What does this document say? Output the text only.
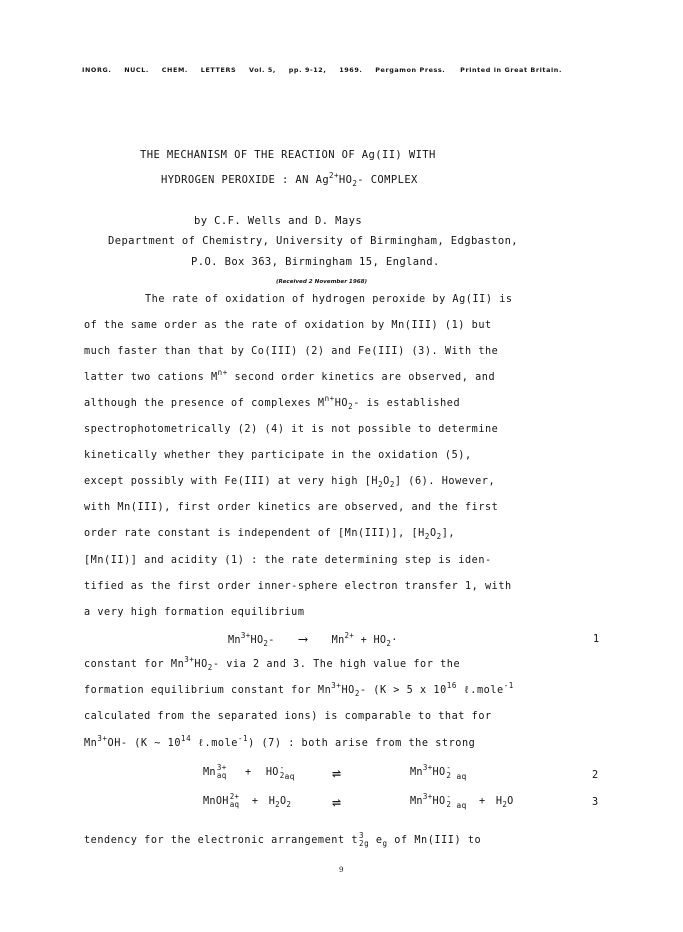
INORG. NUCL. CHEM. LETTERS Vol. 5, pp. 9-12, 1969. Pergamon Press. Printed in Great Britain.
THE MECHANISM OF THE REACTION OF Ag(II) WITH
HYDROGEN PEROXIDE : AN $Ag^{2+}HO_2-$ COMPLEX
by C.F. Wells and D. Mays
Department of Chemistry, University of Birmingham, Edgbaston,
P.O. Box 363, Birmingham 15, England.
(Received 2 November 1968)
The rate of oxidation of hydrogen peroxide by Ag(II) is
of the same order as the rate of oxidation by Mn(III) (1) but
much faster than that by Co(III) (2) and Fe(III) (3). With the
latter two cations $M^{n+}$ second order kinetics are observed, and
although the presence of complexes $M^{n+}HO_2-$ is established
spectrophotometrically (2) (4) it is not possible to determine
kinetically whether they participate in the oxidation (5),
except possibly with Fe(III) at very high $[H_2O_2]$ (6). However,
with Mn(III), first order kinetics are observed, and the first
order rate constant is independent of [Mn(III)], $[H_2O_2]$,
[Mn(II)] and acidity (1) : the rate determining step is iden-
tified as the first order inner-sphere electron transfer 1, with
a very high formation equilibrium
$Mn^{3+}HO_2-$ ⟶ $Mn^{2+} + HO_2\cdot$	1
constant for $Mn^{3+}HO_2-$ via 2 and 3. The high value for the
formation equilibrium constant for $Mn^{3+}HO_2-$ (K > 5 x $10^{16}$ ℓ.mole$^{-1}$
calculated from the separated ions) is comparable to that for
$Mn^{3+}OH-$ (K ~ $10^{14}$ ℓ.mole$^{-1}$) (7) : both arise from the strong
Mn 3+
aq + HO -
2 $_{aq}$ ⇌	$Mn^{3+}HO$ -
2 $_{aq}$	2
MnOH 2+
aq + $H_2O_2$	⇌	$Mn^{3+}HO$ -
2 $_{aq} + H_2O$	3
tendency for the electronic arrangement t 3
2g $e_g$ of Mn(III) to
9
